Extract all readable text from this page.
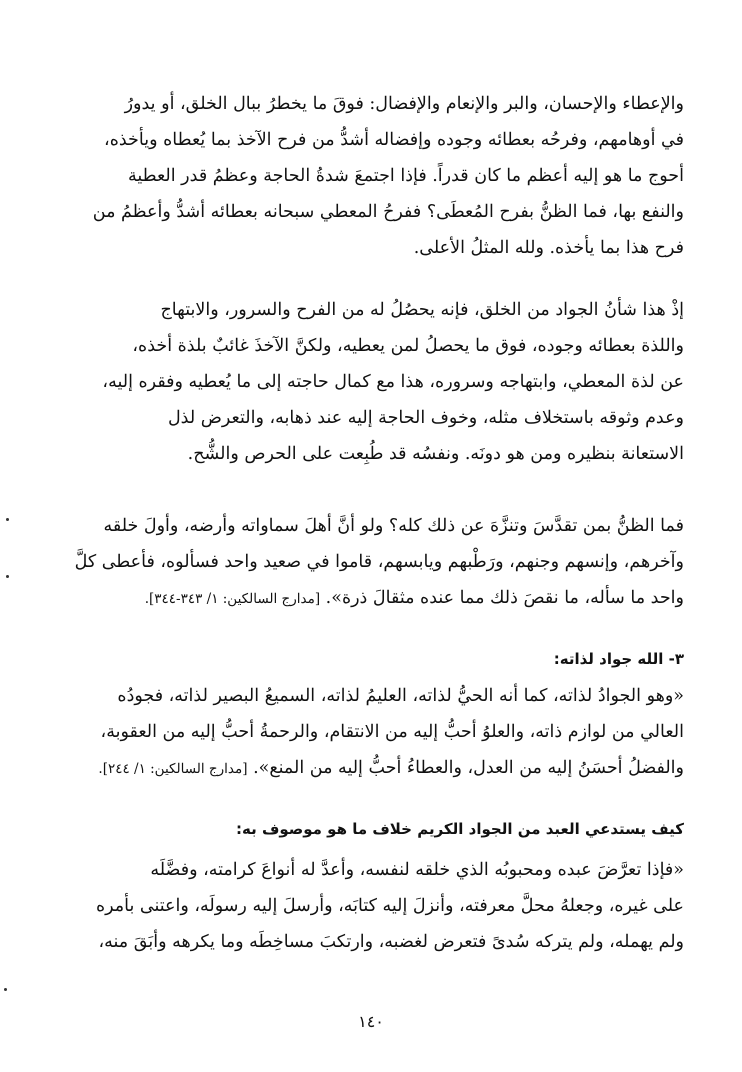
والإعطاء والإحسان، والبر والإنعام والإفضال: فوقَ ما يخطرُ ببال الخلق، أو يدورُ
في أوهامهم، وفرحُه بعطائه وجوده وإفضاله أشدُّ من فرح الآخذ بما يُعطاه ويأخذه،
أحوج ما هو إليه أعظم ما كان قدراً. فإذا اجتمعَ شدةُ الحاجة وعظمُ قدر العطية
والنفع بها، فما الظنُّ بفرح المُعطَى؟ ففرحُ المعطي سبحانه بعطائه أشدُّ وأعظمُ من
فرح هذا بما يأخذه. ولله المثلُ الأعلى.
إذْ هذا شأنُ الجواد من الخلق، فإنه يحصُلُ له من الفرح والسرور، والابتهاج
واللذة بعطائه وجوده، فوق ما يحصلُ لمن يعطيه، ولكنَّ الآخذَ غائبٌ بلذة أخذه،
عن لذة المعطي، وابتهاجه وسروره، هذا مع كمال حاجته إلى ما يُعطيه وفقره إليه،
وعدم وثوقه باستخلاف مثله، وخوف الحاجة إليه عند ذهابه، والتعرض لذل
الاستعانة بنظيره ومن هو دونَه. ونفسُه قد طُبِعت على الحرص والشُّح.
فما الظنُّ بمن تقدَّسَ وتنزَّهَ عن ذلك كله؟ ولو أنَّ أهلَ سماواته وأرضه، وأولَ خلقه
وآخرهم، وإنسهم وجنهم، ورَطْبهم ويابسهم، قاموا في صعيد واحد فسألوه، فأعطى كلَّ
واحد ما سأله، ما نقصَ ذلك مما عنده مثقالَ ذرة». [مدارج السالكين: ١/ ٣٤٣-٣٤٤].
٣- الله جواد لذاته:
«وهو الجوادُ لذاته، كما أنه الحيُّ لذاته، العليمُ لذاته، السميعُ البصير لذاته، فجودُه
العالي من لوازم ذاته، والعلوُ أحبُّ إليه من الانتقام، والرحمةُ أحبُّ إليه من العقوبة،
والفضلُ أحسَنُ إليه من العدل، والعطاءُ أحبُّ إليه من المنع». [مدارج السالكين: ١/ ٢٤٤].
كيف يستدعي العبد من الجواد الكريم خلاف ما هو موصوف به:
«فإذا تعرَّضَ عبده ومحبوبُه الذي خلقه لنفسه، وأعدَّ له أنواعَ كرامته، وفضَّلَه
على غيره، وجعلهُ محلَّ معرفته، وأنزلَ إليه كتابَه، وأرسلَ إليه رسولَه، واعتنى بأمره
ولم يهمله، ولم يتركه سُدىً فتعرض لغضبه، وارتكبَ مساخِطَه وما يكرهه وأبَقَ منه،
١٤٠
